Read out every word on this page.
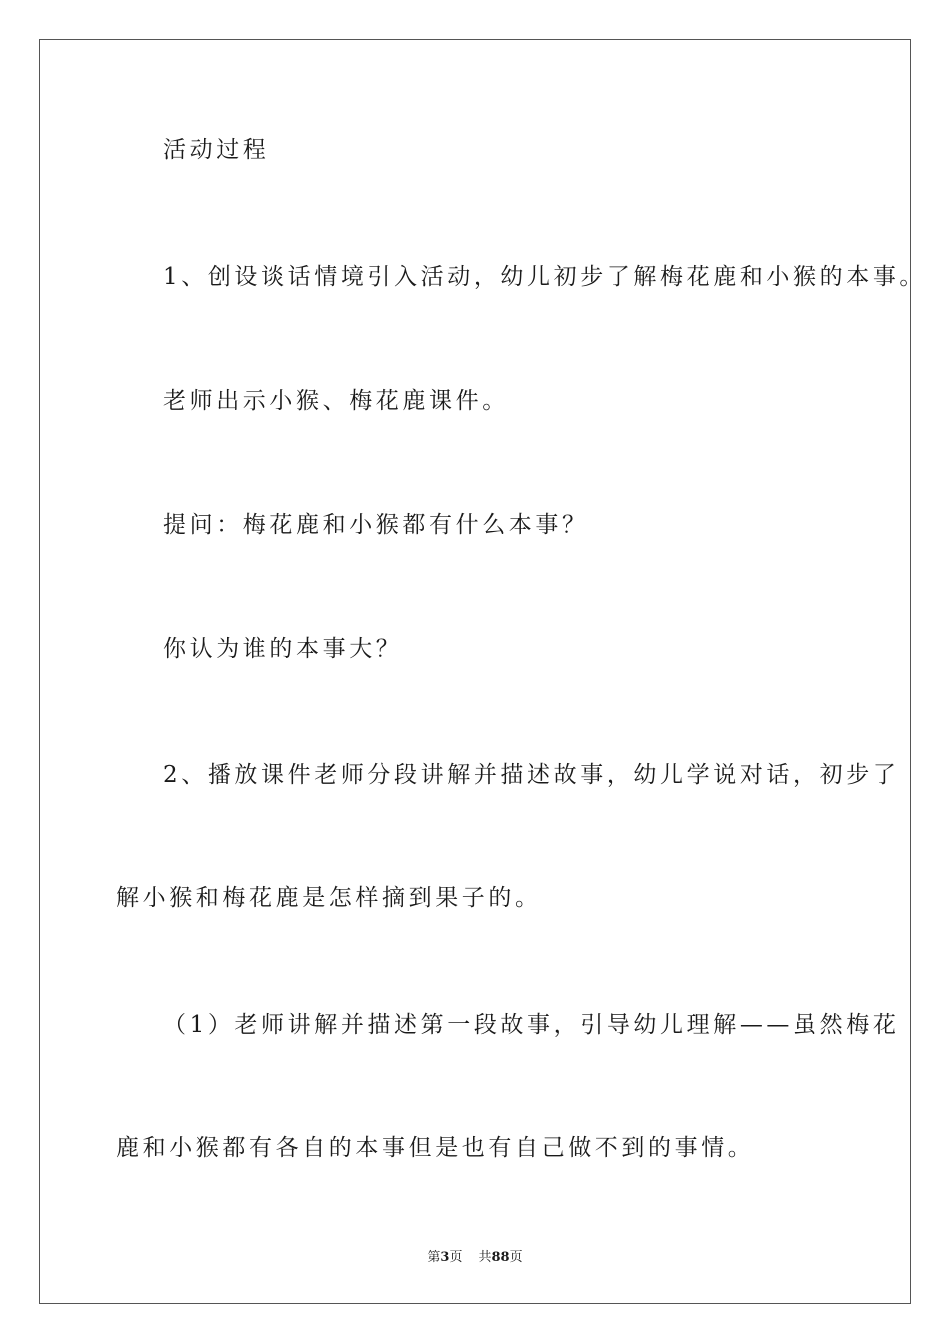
活动过程
1、创设谈话情境引入活动，幼儿初步了解梅花鹿和小猴的本事。
老师出示小猴、梅花鹿课件。
提问：梅花鹿和小猴都有什么本事？
你认为谁的本事大？
2、播放课件老师分段讲解并描述故事，幼儿学说对话，初步了
解小猴和梅花鹿是怎样摘到果子的。
（1）老师讲解并描述第一段故事，引导幼儿理解——虽然梅花
鹿和小猴都有各自的本事但是也有自己做不到的事情。
第3页 共88页
